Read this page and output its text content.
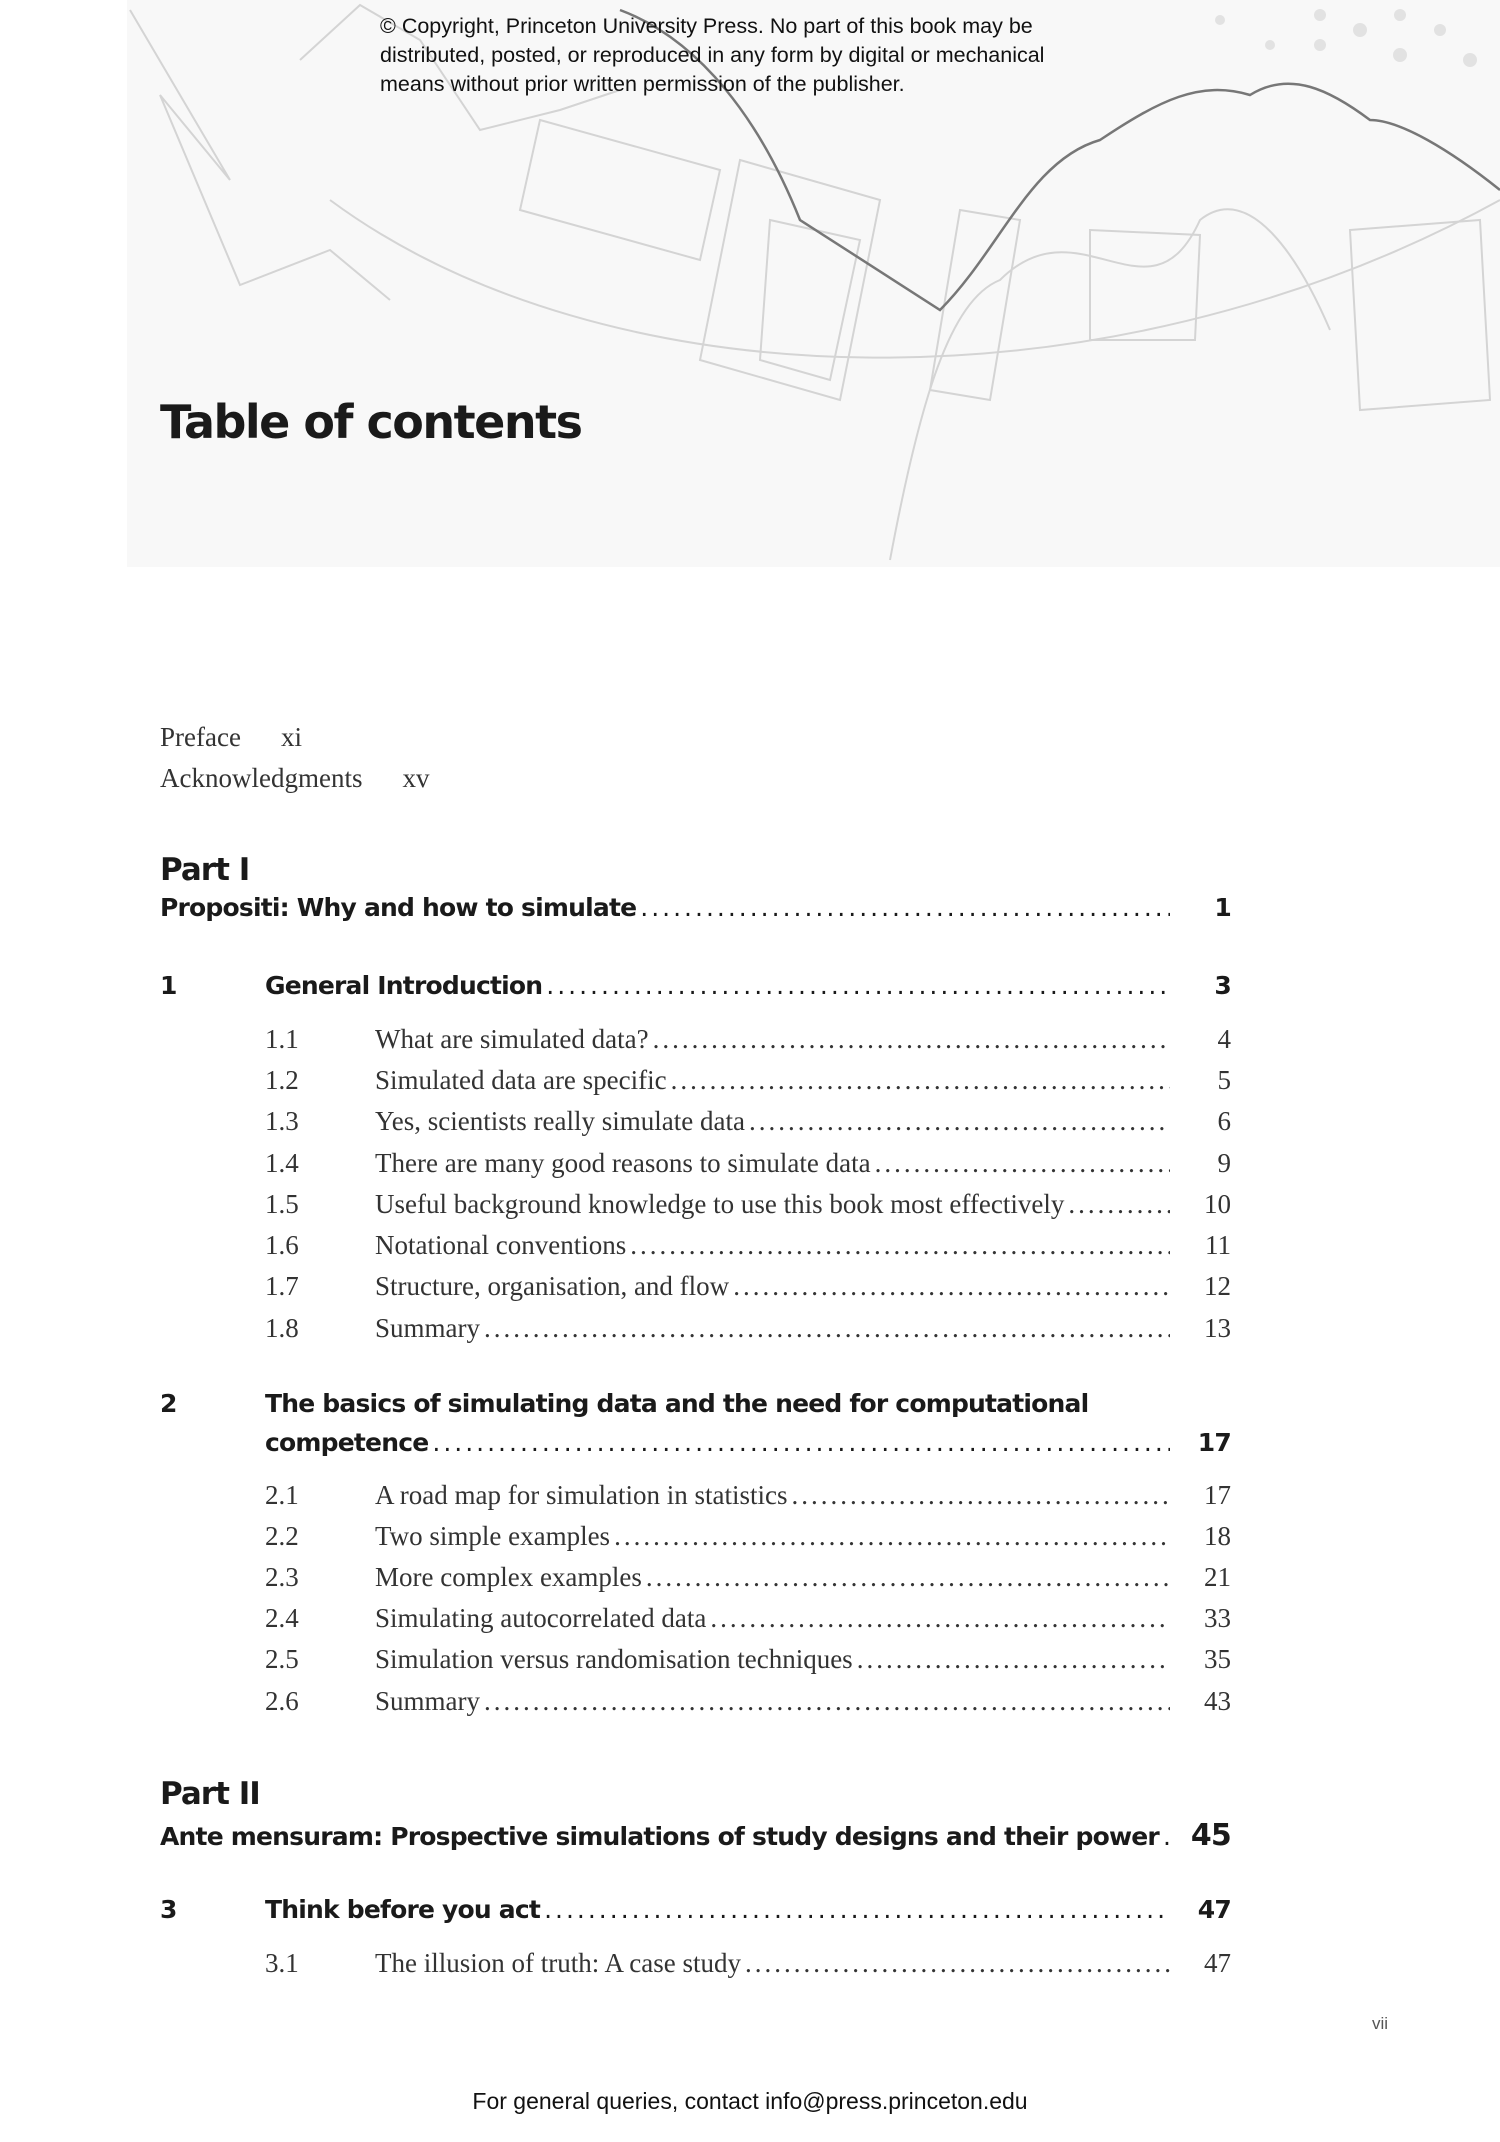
© Copyright, Princeton University Press. No part of this book may be
distributed, posted, or reproduced in any form by digital or mechanical
means without prior written permission of the publisher.
Table of contents
Preface xi
Acknowledgments xv
Part I
Propositi: Why and how to simulate .....	1
1	General Introduction .....	3
1.1	What are simulated data? .....	4
1.2	Simulated data are specific .....	5
1.3	Yes, scientists really simulate data .....	6
1.4	There are many good reasons to simulate data .....	9
1.5	Useful background knowledge to use this book most effectively .....	10
1.6	Notational conventions .....	11
1.7	Structure, organisation, and flow .....	12
1.8	Summary .....	13
2	The basics of simulating data and the need for computational
competence .....	17
2.1	A road map for simulation in statistics .....	17
2.2	Two simple examples .....	18
2.3	More complex examples .....	21
2.4	Simulating autocorrelated data .....	33
2.5	Simulation versus randomisation techniques .....	35
2.6	Summary .....	43
Part II
Ante mensuram: Prospective simulations of study designs and their power .....	45
3	Think before you act .....	47
3.1	The illusion of truth: A case study .....	47
vii
For general queries, contact info@press.princeton.edu
